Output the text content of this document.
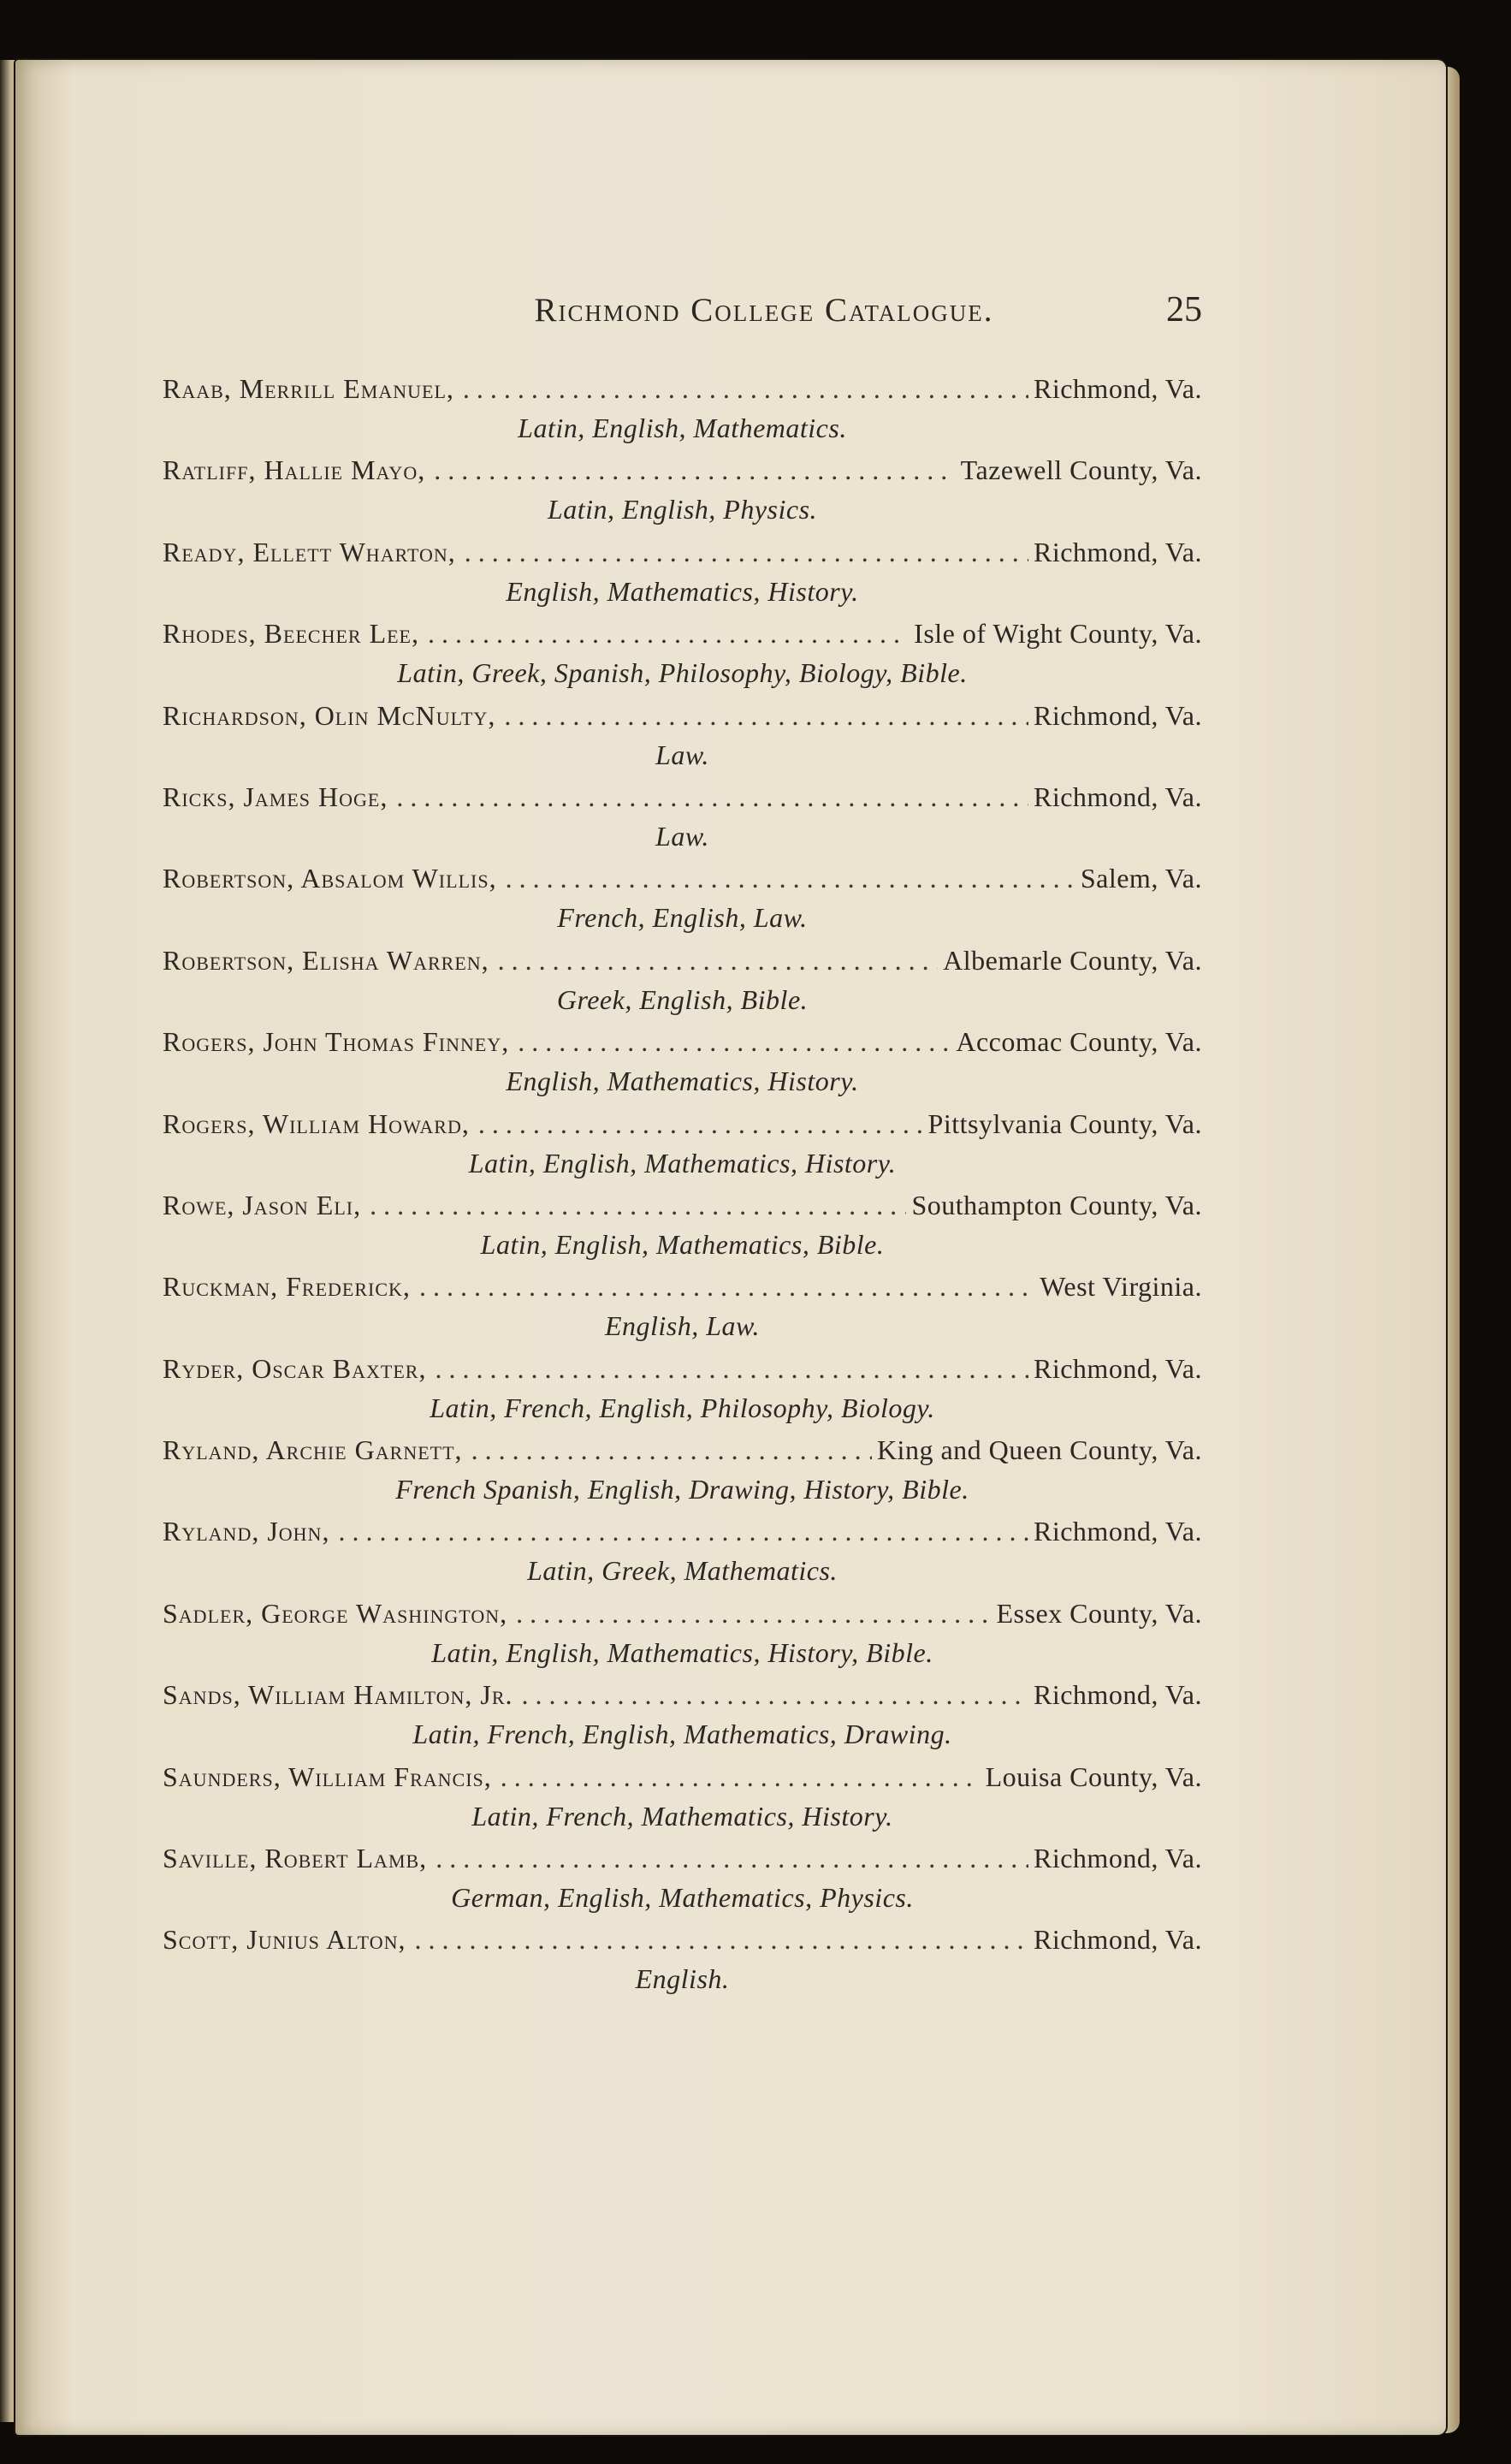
Richmond College Catalogue.	25
Raab, Merrill Emanuel, . . .	Richmond, Va.
Latin, English, Mathematics.
Ratliff, Hallie Mayo, . . .	Tazewell County, Va.
Latin, English, Physics.
Ready, Ellett Wharton, . . .	Richmond, Va.
English, Mathematics, History.
Rhodes, Beecher Lee, . . .	Isle of Wight County, Va.
Latin, Greek, Spanish, Philosophy, Biology, Bible.
Richardson, Olin McNulty, . . .	Richmond, Va.
Law.
Ricks, James Hoge, . . .	Richmond, Va.
Law.
Robertson, Absalom Willis, . . .	Salem, Va.
French, English, Law.
Robertson, Elisha Warren, . . .	Albemarle County, Va.
Greek, English, Bible.
Rogers, John Thomas Finney, . . .	Accomac County, Va.
English, Mathematics, History.
Rogers, William Howard, . . .	Pittsylvania County, Va.
Latin, English, Mathematics, History.
Rowe, Jason Eli, . . .	Southampton County, Va.
Latin, English, Mathematics, Bible.
Ruckman, Frederick, . . .	West Virginia.
English, Law.
Ryder, Oscar Baxter, . . .	Richmond, Va.
Latin, French, English, Philosophy, Biology.
Ryland, Archie Garnett, . . .	King and Queen County, Va.
French Spanish, English, Drawing, History, Bible.
Ryland, John, . . .	Richmond, Va.
Latin, Greek, Mathematics.
Sadler, George Washington, . . .	Essex County, Va.
Latin, English, Mathematics, History, Bible.
Sands, William Hamilton, Jr. . . .	Richmond, Va.
Latin, French, English, Mathematics, Drawing.
Saunders, William Francis, . . .	Louisa County, Va.
Latin, French, Mathematics, History.
Saville, Robert Lamb, . . .	Richmond, Va.
German, English, Mathematics, Physics.
Scott, Junius Alton, . . .	Richmond, Va.
English.
